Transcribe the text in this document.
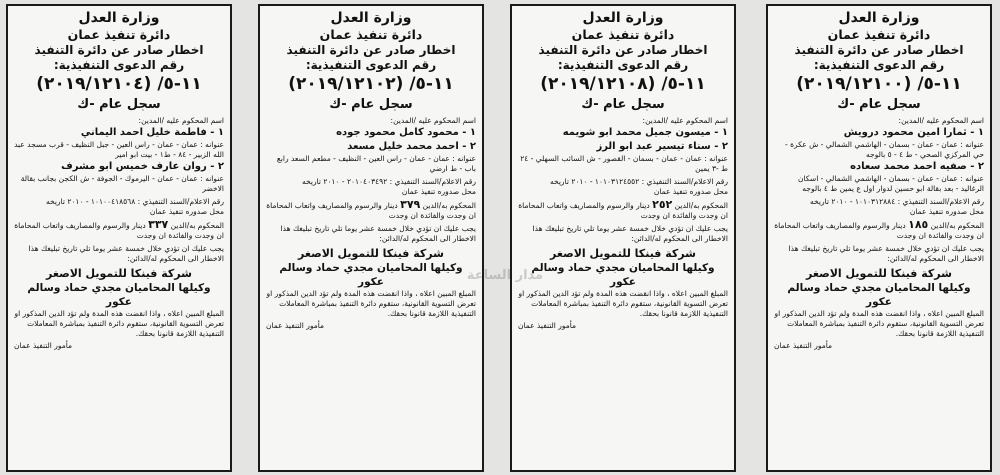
وزارة العدل
دائرة تنفيذ عمان
اخطار صادر عن دائرة التنفيذ
رقم الدعوى التنفيذية:
١١-٥/ (٢٠١٩/١٢١٠٠)
سجل عام -ك
اسم المحكوم عليه /المدين:
١ - ثمارا امين محمود درويش
عنوانه : عمان - عمان - بسمان - الهاشمي الشمالي - ش عكرة - حي المركزي الصحي - ط ٤ - ٥ بالوجه
٢ - صفيه احمد محمد سعاده
عنوانه : عمان - عمان - بسمان - الهاشمي الشمالي - اسكان الرغاليد - بعد بقالة ابو حسين لدوار اول ع يمين ط ٤ بالوجه
رقم الاعلام/السند التنفيذي : ١٠١٠٣١٢٨٨٤ - ٢٠١٠ تاريخه
محل صدوره تنفيذ عمان
المحكوم به/الدين ١٨٥ دينار والرسوم والمصاريف واتعاب المحاماة ان وجدت والفائدة ان وجدت
يجب عليك ان تؤدي خلال خمسة عشر يوما تلي تاريخ تبليغك هذا الاخطار الى المحكوم له/الدائن:
شركة فينكا للتمويل الاصغر
وكيلها المحاميان مجدي حماد وسالم عكور
المبلغ المبين اعلاه ، واذا انقضت هذه المدة ولم تؤد الدين المذكور او تعرض التسوية القانونية، ستقوم دائرة التنفيذ بمباشرة المعاملات التنفيذية اللازمة قانونا بحقك.
مأمور التنفيذ عمان
وزارة العدل
دائرة تنفيذ عمان
اخطار صادر عن دائرة التنفيذ
رقم الدعوى التنفيذية:
١١-٥/ (٢٠١٩/١٢١٠٨)
سجل عام -ك
اسم المحكوم عليه /المدين:
١ - ميسون جميل محمد ابو شويمه
٢ - سناء تيسير عبد ابو الرز
عنوانه : عمان - عمان - بسمان - القصور - ش السائب السهلي - ٢٤ ط -٣ يمين
رقم الاعلام/السند التنفيذي : ١٠١٠٣١٢٤٥٥٢ - ٢٠١٠ تاريخه
محل صدوره تنفيذ عمان
المحكوم به/الدين ٢٥٢ دينار والرسوم والمصاريف واتعاب المحاماة ان وجدت والفائدة ان وجدت
يجب عليك ان تؤدي خلال خمسة عشر يوما تلي تاريخ تبليغك هذا الاخطار الى المحكوم له/الدائن:
شركة فينكا للتمويل الاصغر
وكيلها المحاميان مجدي حماد وسالم عكور
المبلغ المبين اعلاه ، واذا انقضت هذه المدة ولم تؤد الدين المذكور او تعرض التسوية القانونية، ستقوم دائرة التنفيذ بمباشرة المعاملات التنفيذية اللازمة قانونا بحقك.
مأمور التنفيذ عمان
وزارة العدل
دائرة تنفيذ عمان
اخطار صادر عن دائرة التنفيذ
رقم الدعوى التنفيذية:
١١-٥/ (٢٠١٩/١٢١٠٢)
سجل عام -ك
اسم المحكوم عليه /المدين:
١ - محمود كامل محمود جوده
٢ - احمد محمد خليل مسعد
عنوانه : عمان - عمان - راس العين - النظيف - مطعم السعد رابع باب - ط ارضي
رقم الاعلام/السند التنفيذي : ٢٠١٠٤٠٣٤٩٢ - ٢٠١٠ تاريخه
محل صدوره تنفيذ عمان
المحكوم به/الدين ٣٧٩ دينار والرسوم والمصاريف واتعاب المحاماة ان وجدت والفائدة ان وجدت
يجب عليك ان تؤدي خلال خمسة عشر يوما تلي تاريخ تبليغك هذا الاخطار الى المحكوم له/الدائن:
شركة فينكا للتمويل الاصغر
وكيلها المحاميان مجدي حماد وسالم عكور
المبلغ المبين اعلاه ، واذا انقضت هذه المدة ولم تؤد الدين المذكور او تعرض التسوية القانونية، ستقوم دائرة التنفيذ بمباشرة المعاملات التنفيذية اللازمة قانونا بحقك.
مأمور التنفيذ عمان
وزارة العدل
دائرة تنفيذ عمان
اخطار صادر عن دائرة التنفيذ
رقم الدعوى التنفيذية:
١١-٥/ (٢٠١٩/١٢١٠٤)
سجل عام -ك
اسم المحكوم عليه /المدين:
١ - فاطمة خليل احمد اليماني
عنوانه : عمان - عمان - راس العين - جبل النظيف - قرب مسجد عبد الله الزبير - ٨٤ - ط١ - بيت ابو امير
٢ - روان عارف خميس ابو مشرف
عنوانه : عمان - عمان - اليرموك - الجوفة - ش الكجن بجانب بقالة الاخضر
رقم الاعلام/السند التنفيذي : ١٠١٠٠٤١٨٥٦٨ - ٢٠١٠ تاريخه
محل صدوره تنفيذ عمان
المحكوم به/الدين ٣٣٧ دينار والرسوم والمصاريف واتعاب المحاماة ان وجدت والفائدة ان وجدت
يجب عليك ان تؤدي خلال خمسة عشر يوما تلي تاريخ تبليغك هذا الاخطار الى المحكوم له/الدائن:
شركة فينكا للتمويل الاصغر
وكيلها المحاميان مجدي حماد وسالم عكور
المبلغ المبين اعلاه ، واذا انقضت هذه المدة ولم تؤد الدين المذكور او تعرض التسوية القانونية، ستقوم دائرة التنفيذ بمباشرة المعاملات التنفيذية اللازمة قانونا بحقك.
مأمور التنفيذ عمان
مدار الساعة
